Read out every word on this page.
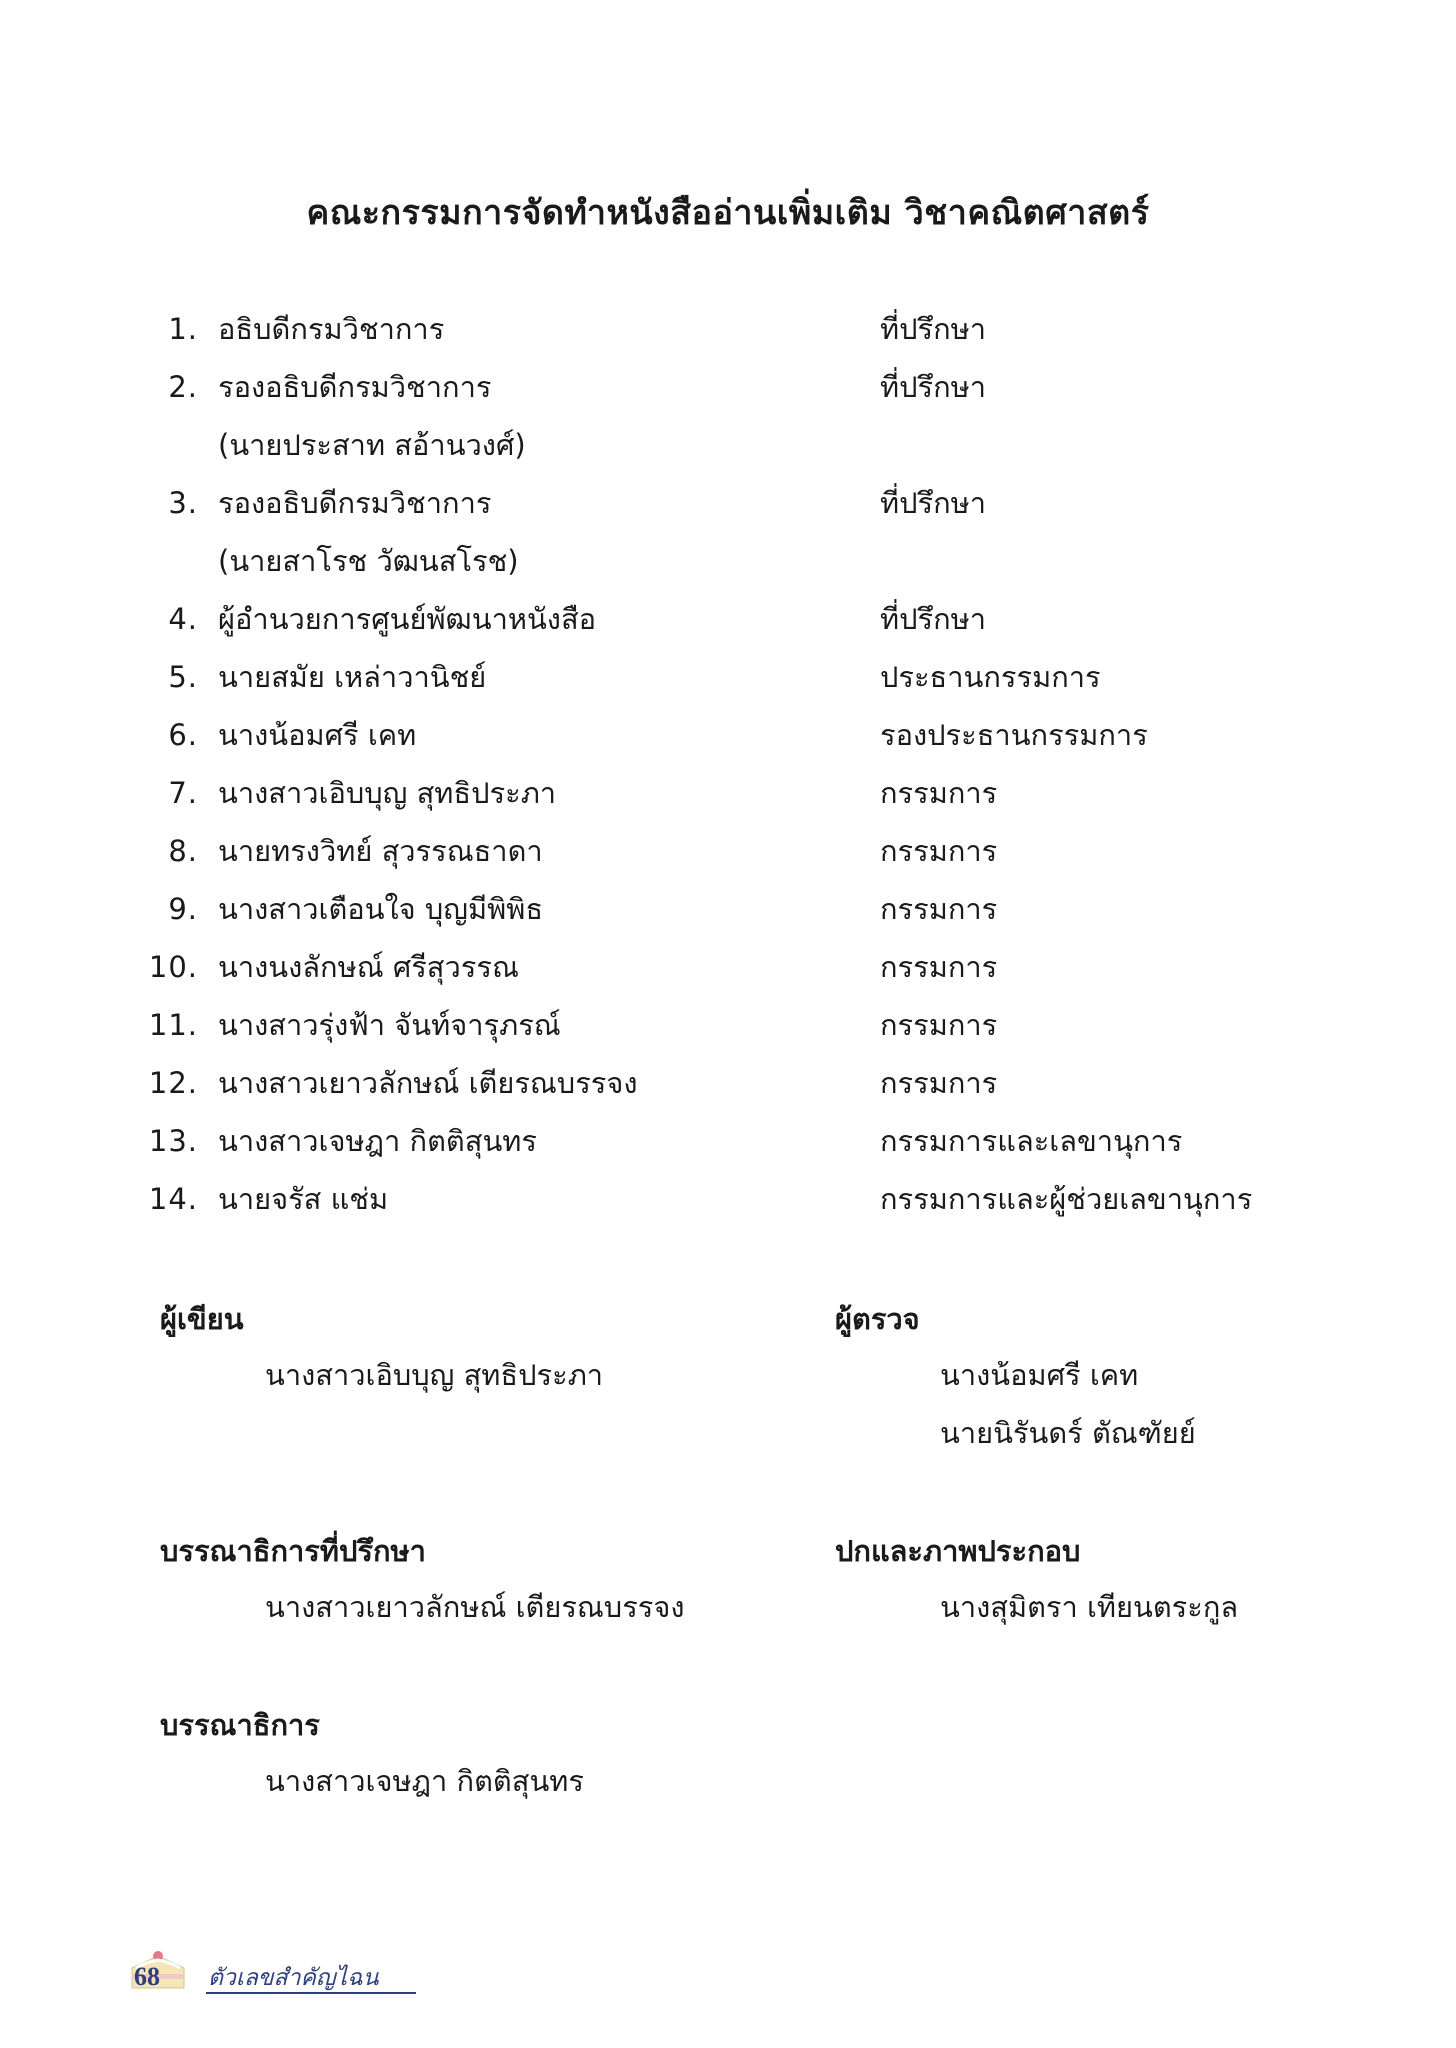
คณะกรรมการจัดทำหนังสืออ่านเพิ่มเติม วิชาคณิตศาสตร์
1. อธิบดีกรมวิชาการ	ที่ปรึกษา
2. รองอธิบดีกรมวิชาการ	ที่ปรึกษา
(นายประสาท สอ้านวงศ์)
3. รองอธิบดีกรมวิชาการ	ที่ปรึกษา
(นายสาโรช วัฒนสโรช)
4. ผู้อำนวยการศูนย์พัฒนาหนังสือ	ที่ปรึกษา
5. นายสมัย เหล่าวานิชย์	ประธานกรรมการ
6. นางน้อมศรี เคท	รองประธานกรรมการ
7. นางสาวเอิบบุญ สุทธิประภา	กรรมการ
8. นายทรงวิทย์ สุวรรณธาดา	กรรมการ
9. นางสาวเตือนใจ บุญมีพิพิธ	กรรมการ
10. นางนงลักษณ์ ศรีสุวรรณ	กรรมการ
11. นางสาวรุ่งฟ้า จันท์จารุภรณ์	กรรมการ
12. นางสาวเยาวลักษณ์ เตียรณบรรจง	กรรมการ
13. นางสาวเจษฎา กิตติสุนทร	กรรมการและเลขานุการ
14. นายจรัส แช่ม	กรรมการและผู้ช่วยเลขานุการ
ผู้เขียน
นางสาวเอิบบุญ สุทธิประภา
ผู้ตรวจ
นางน้อมศรี เคท
นายนิรันดร์ ตัณฑัยย์
บรรณาธิการที่ปรึกษา
นางสาวเยาวลักษณ์ เตียรณบรรจง
ปกและภาพประกอบ
นางสุมิตรา เทียนตระกูล
บรรณาธิการ
นางสาวเจษฎา กิตติสุนทร
68 ตัวเลขสำคัญไฉน
